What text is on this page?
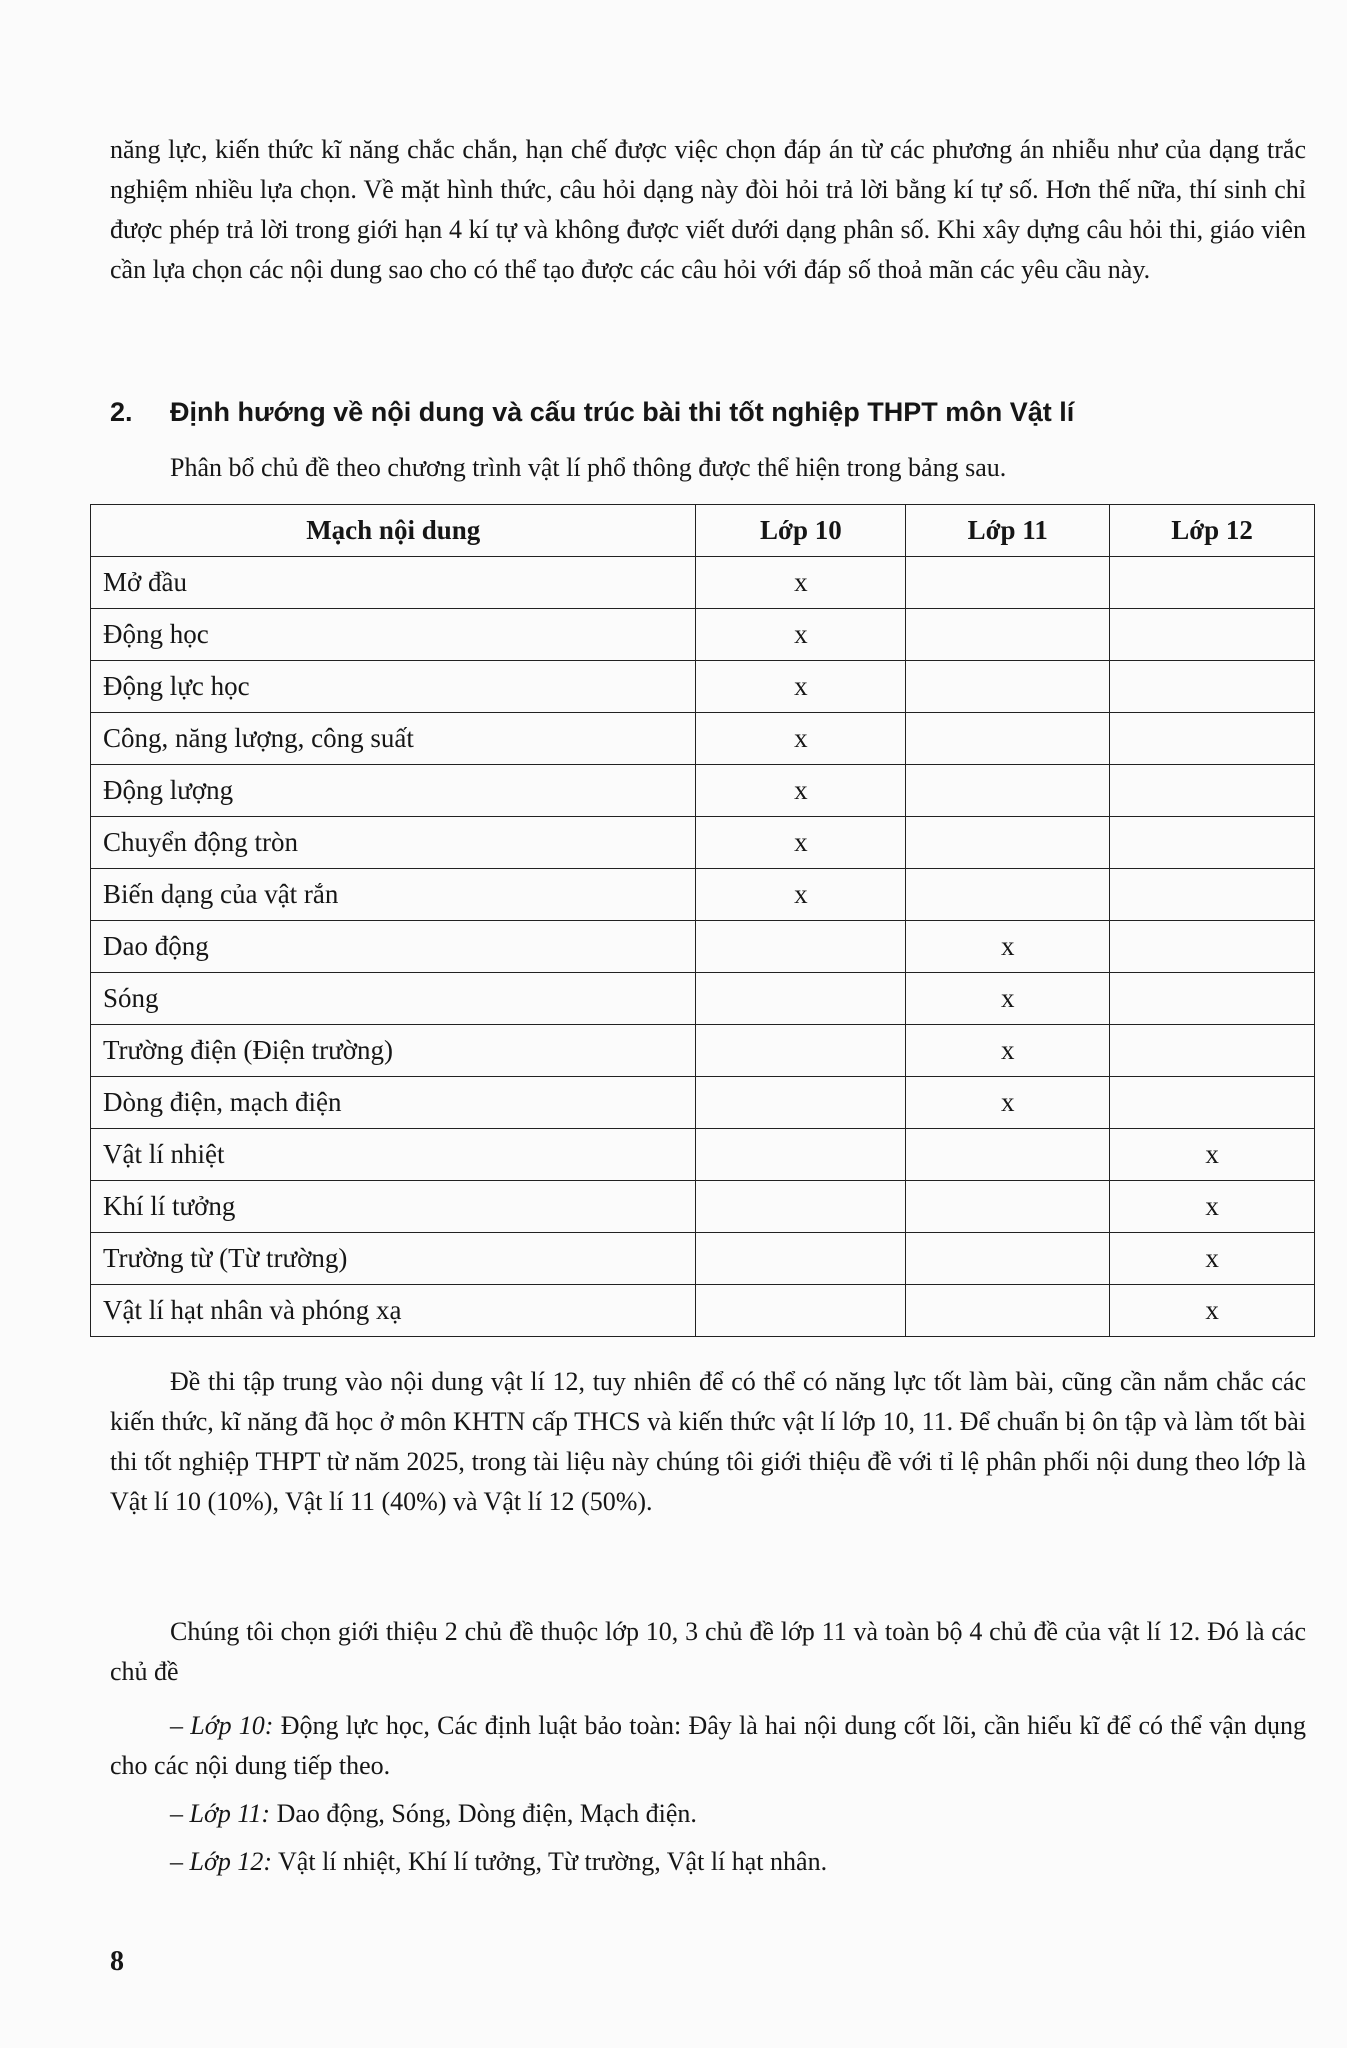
năng lực, kiến thức kĩ năng chắc chắn, hạn chế được việc chọn đáp án từ các phương án nhiễu như của dạng trắc nghiệm nhiều lựa chọn. Về mặt hình thức, câu hỏi dạng này đòi hỏi trả lời bằng kí tự số. Hơn thế nữa, thí sinh chỉ được phép trả lời trong giới hạn 4 kí tự và không được viết dưới dạng phân số. Khi xây dựng câu hỏi thi, giáo viên cần lựa chọn các nội dung sao cho có thể tạo được các câu hỏi với đáp số thoả mãn các yêu cầu này.

2. Định hướng về nội dung và cấu trúc bài thi tốt nghiệp THPT môn Vật lí

Phân bổ chủ đề theo chương trình vật lí phổ thông được thể hiện trong bảng sau.

Mạch nội dung	Lớp 10	Lớp 11	Lớp 12
Mở đầu	x		
Động học	x		
Động lực học	x		
Công, năng lượng, công suất	x		
Động lượng	x		
Chuyển động tròn	x		
Biến dạng của vật rắn	x		
Dao động		x	
Sóng		x	
Trường điện (Điện trường)		x	
Dòng điện, mạch điện		x	
Vật lí nhiệt			x
Khí lí tưởng			x
Trường từ (Từ trường)			x
Vật lí hạt nhân và phóng xạ			x

Đề thi tập trung vào nội dung vật lí 12, tuy nhiên để có thể có năng lực tốt làm bài, cũng cần nắm chắc các kiến thức, kĩ năng đã học ở môn KHTN cấp THCS và kiến thức vật lí lớp 10, 11. Để chuẩn bị ôn tập và làm tốt bài thi tốt nghiệp THPT từ năm 2025, trong tài liệu này chúng tôi giới thiệu đề với tỉ lệ phân phối nội dung theo lớp là Vật lí 10 (10%), Vật lí 11 (40%) và Vật lí 12 (50%).

Chúng tôi chọn giới thiệu 2 chủ đề thuộc lớp 10, 3 chủ đề lớp 11 và toàn bộ 4 chủ đề của vật lí 12. Đó là các chủ đề

– Lớp 10: Động lực học, Các định luật bảo toàn: Đây là hai nội dung cốt lõi, cần hiểu kĩ để có thể vận dụng cho các nội dung tiếp theo.
– Lớp 11: Dao động, Sóng, Dòng điện, Mạch điện.
– Lớp 12: Vật lí nhiệt, Khí lí tưởng, Từ trường, Vật lí hạt nhân.
8
